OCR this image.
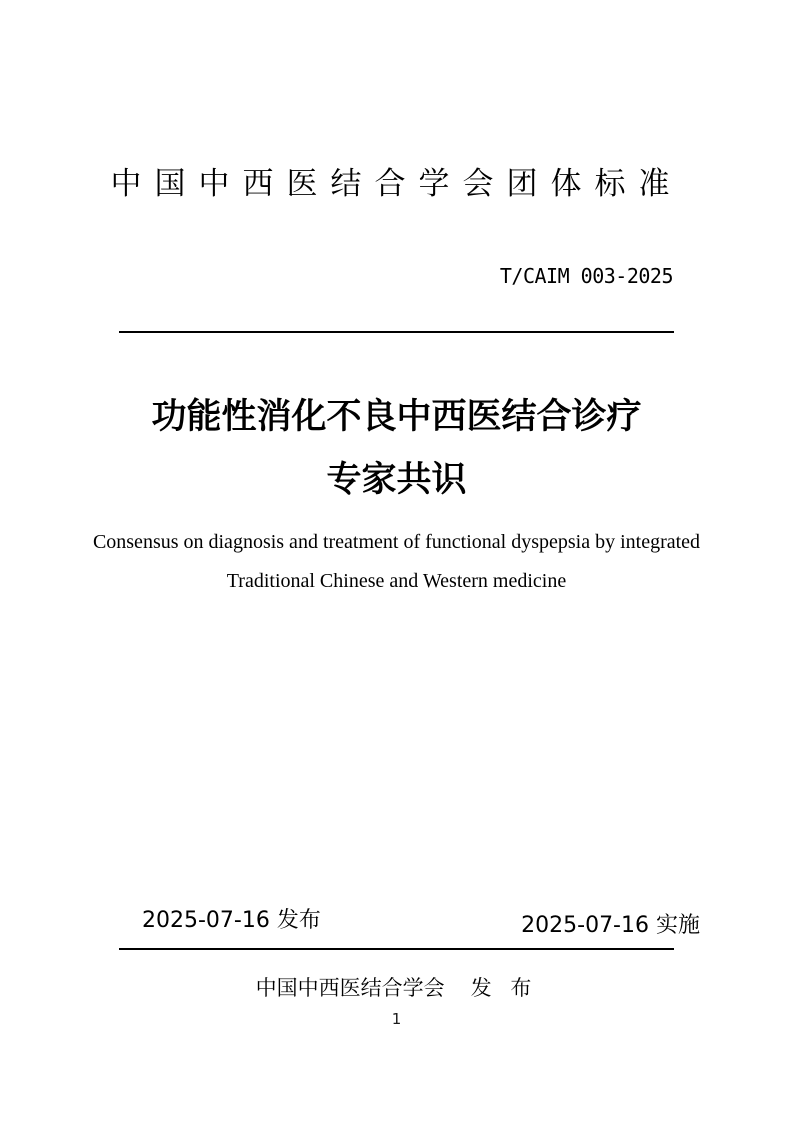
中国中西医结合学会团体标准
T/CAIM 003-2025
功能性消化不良中西医结合诊疗
专家共识
Consensus on diagnosis and treatment of functional dyspepsia by integrated
Traditional Chinese and Western medicine
2025-07-16 发布	2025-07-16 实施
中国中西医结合学会 发 布
1
